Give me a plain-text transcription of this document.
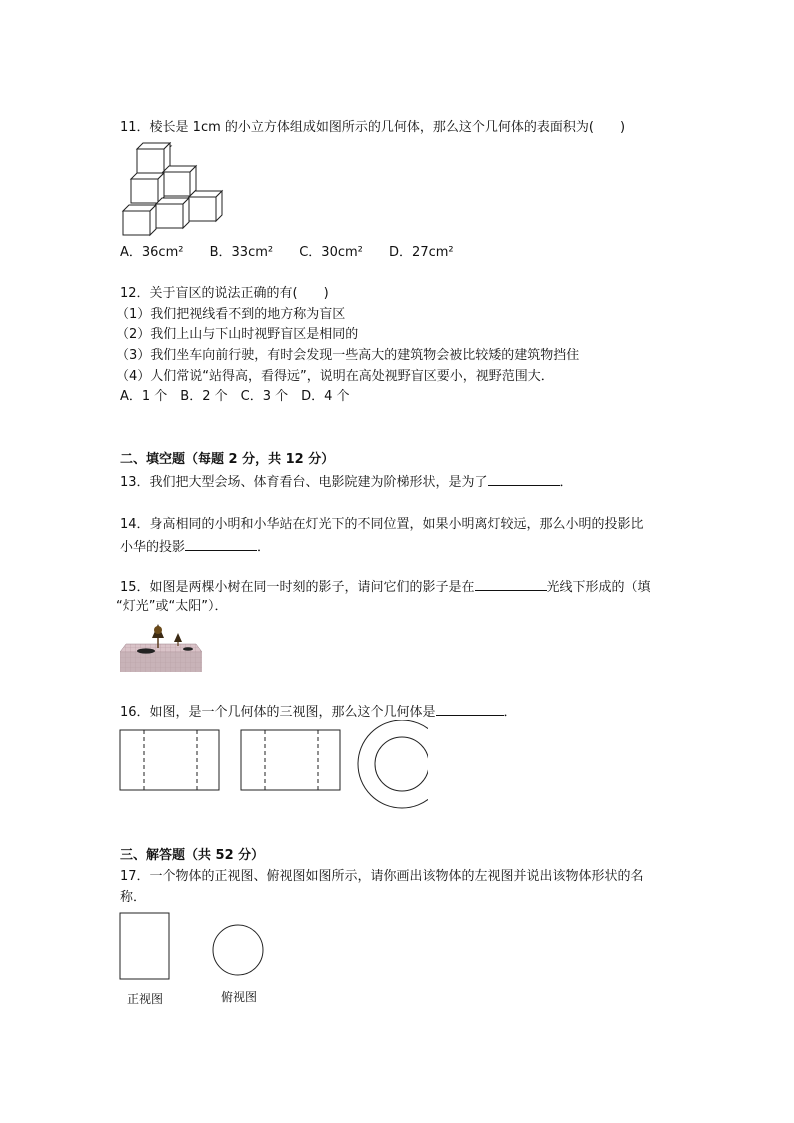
11．棱长是 1cm 的小立方体组成如图所示的几何体，那么这个几何体的表面积为(　　)
A．36cm² B．33cm² C．30cm² D．27cm²
12．关于盲区的说法正确的有(　　)
（1）我们把视线看不到的地方称为盲区
（2）我们上山与下山时视野盲区是相同的
（3）我们坐车向前行驶，有时会发现一些高大的建筑物会被比较矮的建筑物挡住
（4）人们常说“站得高，看得远”，说明在高处视野盲区要小，视野范围大．
A．1 个　B．2 个　C．3 个　D．4 个
二、填空题（每题 2 分，共 12 分）
13．我们把大型会场、体育看台、电影院建为阶梯形状，是为了	．
14．身高相同的小明和小华站在灯光下的不同位置，如果小明离灯较远，那么小明的投影比
小华的投影	．
15．如图是两棵小树在同一时刻的影子，请问它们的影子是在	光线下形成的（填
“灯光”或“太阳”）．
16．如图，是一个几何体的三视图，那么这个几何体是	．
三、解答题（共 52 分）
17．一个物体的正视图、俯视图如图所示，请你画出该物体的左视图并说出该物体形状的名
称．
正视图	俯视图
